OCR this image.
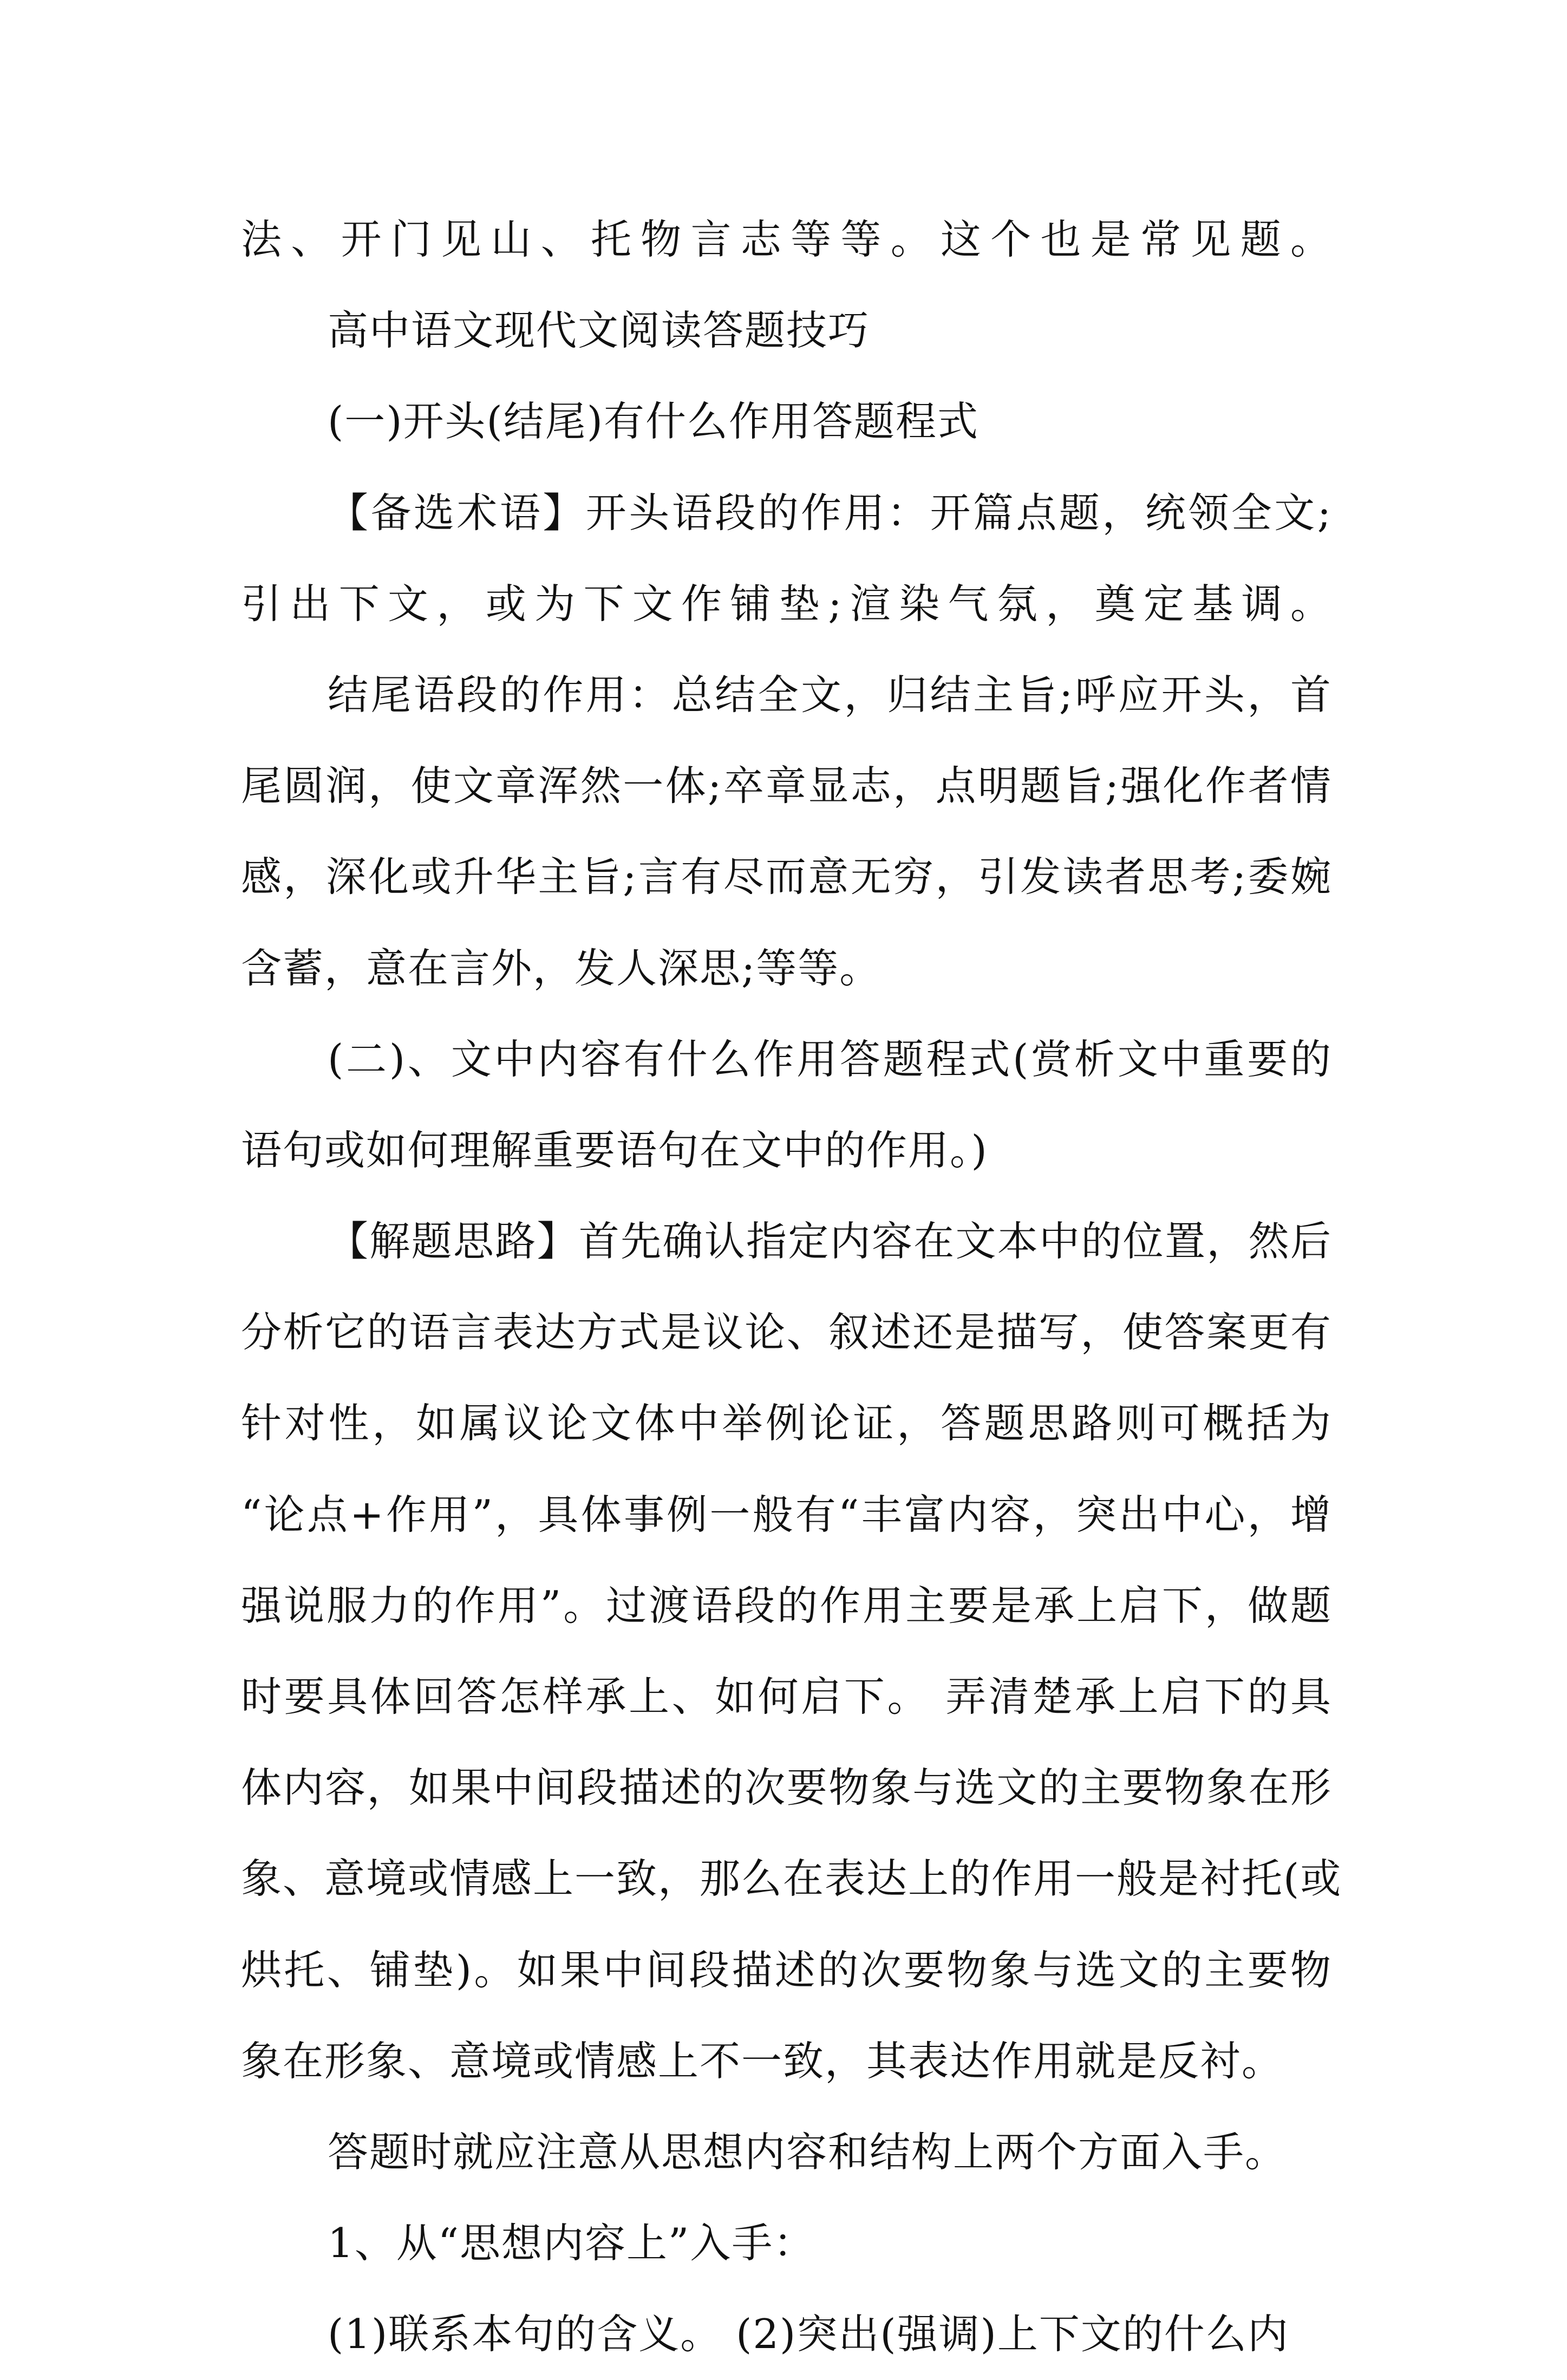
法、开门见山、托物言志等等。这个也是常见题。
高中语文现代文阅读答题技巧
(一)开头(结尾)有什么作用答题程式
【备选术语】开头语段的作用：开篇点题，统领全文;
引出下文，或为下文作铺垫;渲染气氛，奠定基调。
结尾语段的作用：总结全文，归结主旨;呼应开头，首
尾圆润，使文章浑然一体;卒章显志，点明题旨;强化作者情
感，深化或升华主旨;言有尽而意无穷，引发读者思考;委婉
含蓄，意在言外，发人深思;等等。
(二)、文中内容有什么作用答题程式(赏析文中重要的
语句或如何理解重要语句在文中的作用。)
【解题思路】首先确认指定内容在文本中的位置，然后
分析它的语言表达方式是议论、叙述还是描写，使答案更有
针对性，如属议论文体中举例论证，答题思路则可概括为
“论点+作用”，具体事例一般有“丰富内容，突出中心，增
强说服力的作用”。过渡语段的作用主要是承上启下，做题
时要具体回答怎样承上、如何启下。 弄清楚承上启下的具
体内容，如果中间段描述的次要物象与选文的主要物象在形
象、意境或情感上一致，那么在表达上的作用一般是衬托(或
烘托、铺垫)。如果中间段描述的次要物象与选文的主要物
象在形象、意境或情感上不一致，其表达作用就是反衬。
答题时就应注意从思想内容和结构上两个方面入手。
1、从“思想内容上”入手：
(1)联系本句的含义。 (2)突出(强调)上下文的什么内
